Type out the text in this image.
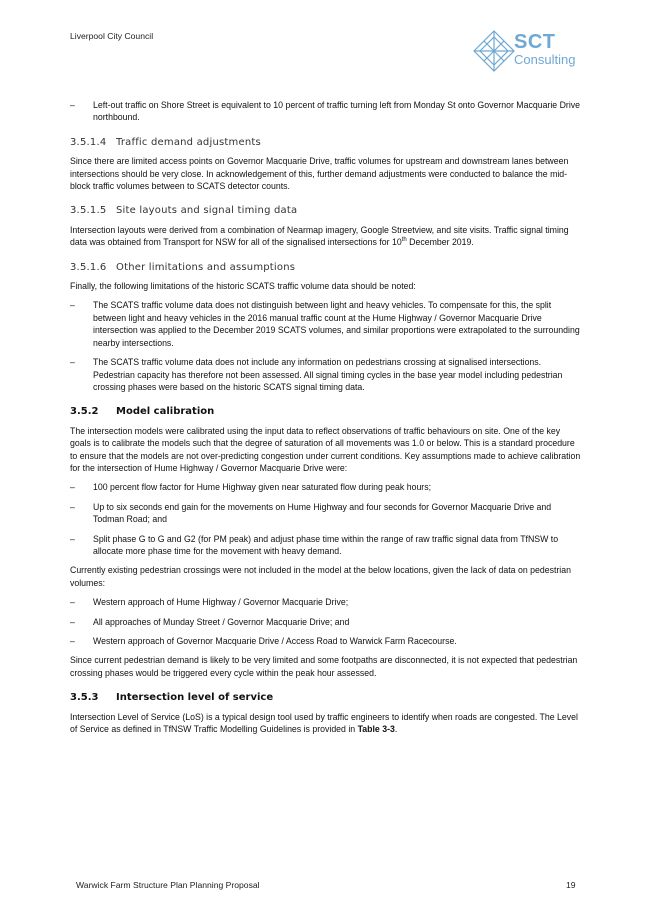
Liverpool City Council	SCT
Consulting
– Left-out traffic on Shore Street is equivalent to 10 percent of traffic turning left from Monday St onto Governor Macquarie Drive northbound.
3.5.1.4 Traffic demand adjustments

Since there are limited access points on Governor Macquarie Drive, traffic volumes for upstream and downstream lanes between intersections should be very close. In acknowledgement of this, further demand adjustments were conducted to balance the mid-block traffic volumes between to SCATS detector counts.

3.5.1.5 Site layouts and signal timing data

Intersection layouts were derived from a combination of Nearmap imagery, Google Streetview, and site visits. Traffic signal timing data was obtained from Transport for NSW for all of the signalised intersections for 10th December 2019.

3.5.1.6 Other limitations and assumptions

Finally, the following limitations of the historic SCATS traffic volume data should be noted:

– The SCATS traffic volume data does not distinguish between light and heavy vehicles. To compensate for this, the split between light and heavy vehicles in the 2016 manual traffic count at the Hume Highway / Governor Macquarie Drive intersection was applied to the December 2019 SCATS volumes, and similar proportions were extrapolated to the surrounding nearby intersections.
– The SCATS traffic volume data does not include any information on pedestrians crossing at signalised intersections. Pedestrian capacity has therefore not been assessed. All signal timing cycles in the base year model including pedestrian crossing phases were based on the historic SCATS signal timing data.
3.5.2 Model calibration

The intersection models were calibrated using the input data to reflect observations of traffic behaviours on site. One of the key goals is to calibrate the models such that the degree of saturation of all movements was 1.0 or below. This is a standard procedure to ensure that the models are not over-predicting congestion under current conditions. Key assumptions made to achieve calibration for the intersection of Hume Highway / Governor Macquarie Drive were:

– 100 percent flow factor for Hume Highway given near saturated flow during peak hours;
– Up to six seconds end gain for the movements on Hume Highway and four seconds for Governor Macquarie Drive and Todman Road; and
– Split phase G to G and G2 (for PM peak) and adjust phase time within the range of raw traffic signal data from TfNSW to allocate more phase time for the movement with heavy demand.

Currently existing pedestrian crossings were not included in the model at the below locations, given the lack of data on pedestrian volumes:

– Western approach of Hume Highway / Governor Macquarie Drive;
– All approaches of Munday Street / Governor Macquarie Drive; and
– Western approach of Governor Macquarie Drive / Access Road to Warwick Farm Racecourse.

Since current pedestrian demand is likely to be very limited and some footpaths are disconnected, it is not expected that pedestrian crossing phases would be triggered every cycle within the peak hour assessed.

3.5.3 Intersection level of service

Intersection Level of Service (LoS) is a typical design tool used by traffic engineers to identify when roads are congested. The Level of Service as defined in TfNSW Traffic Modelling Guidelines is provided in Table 3-3.

Warwick Farm Structure Plan Planning Proposal	19
